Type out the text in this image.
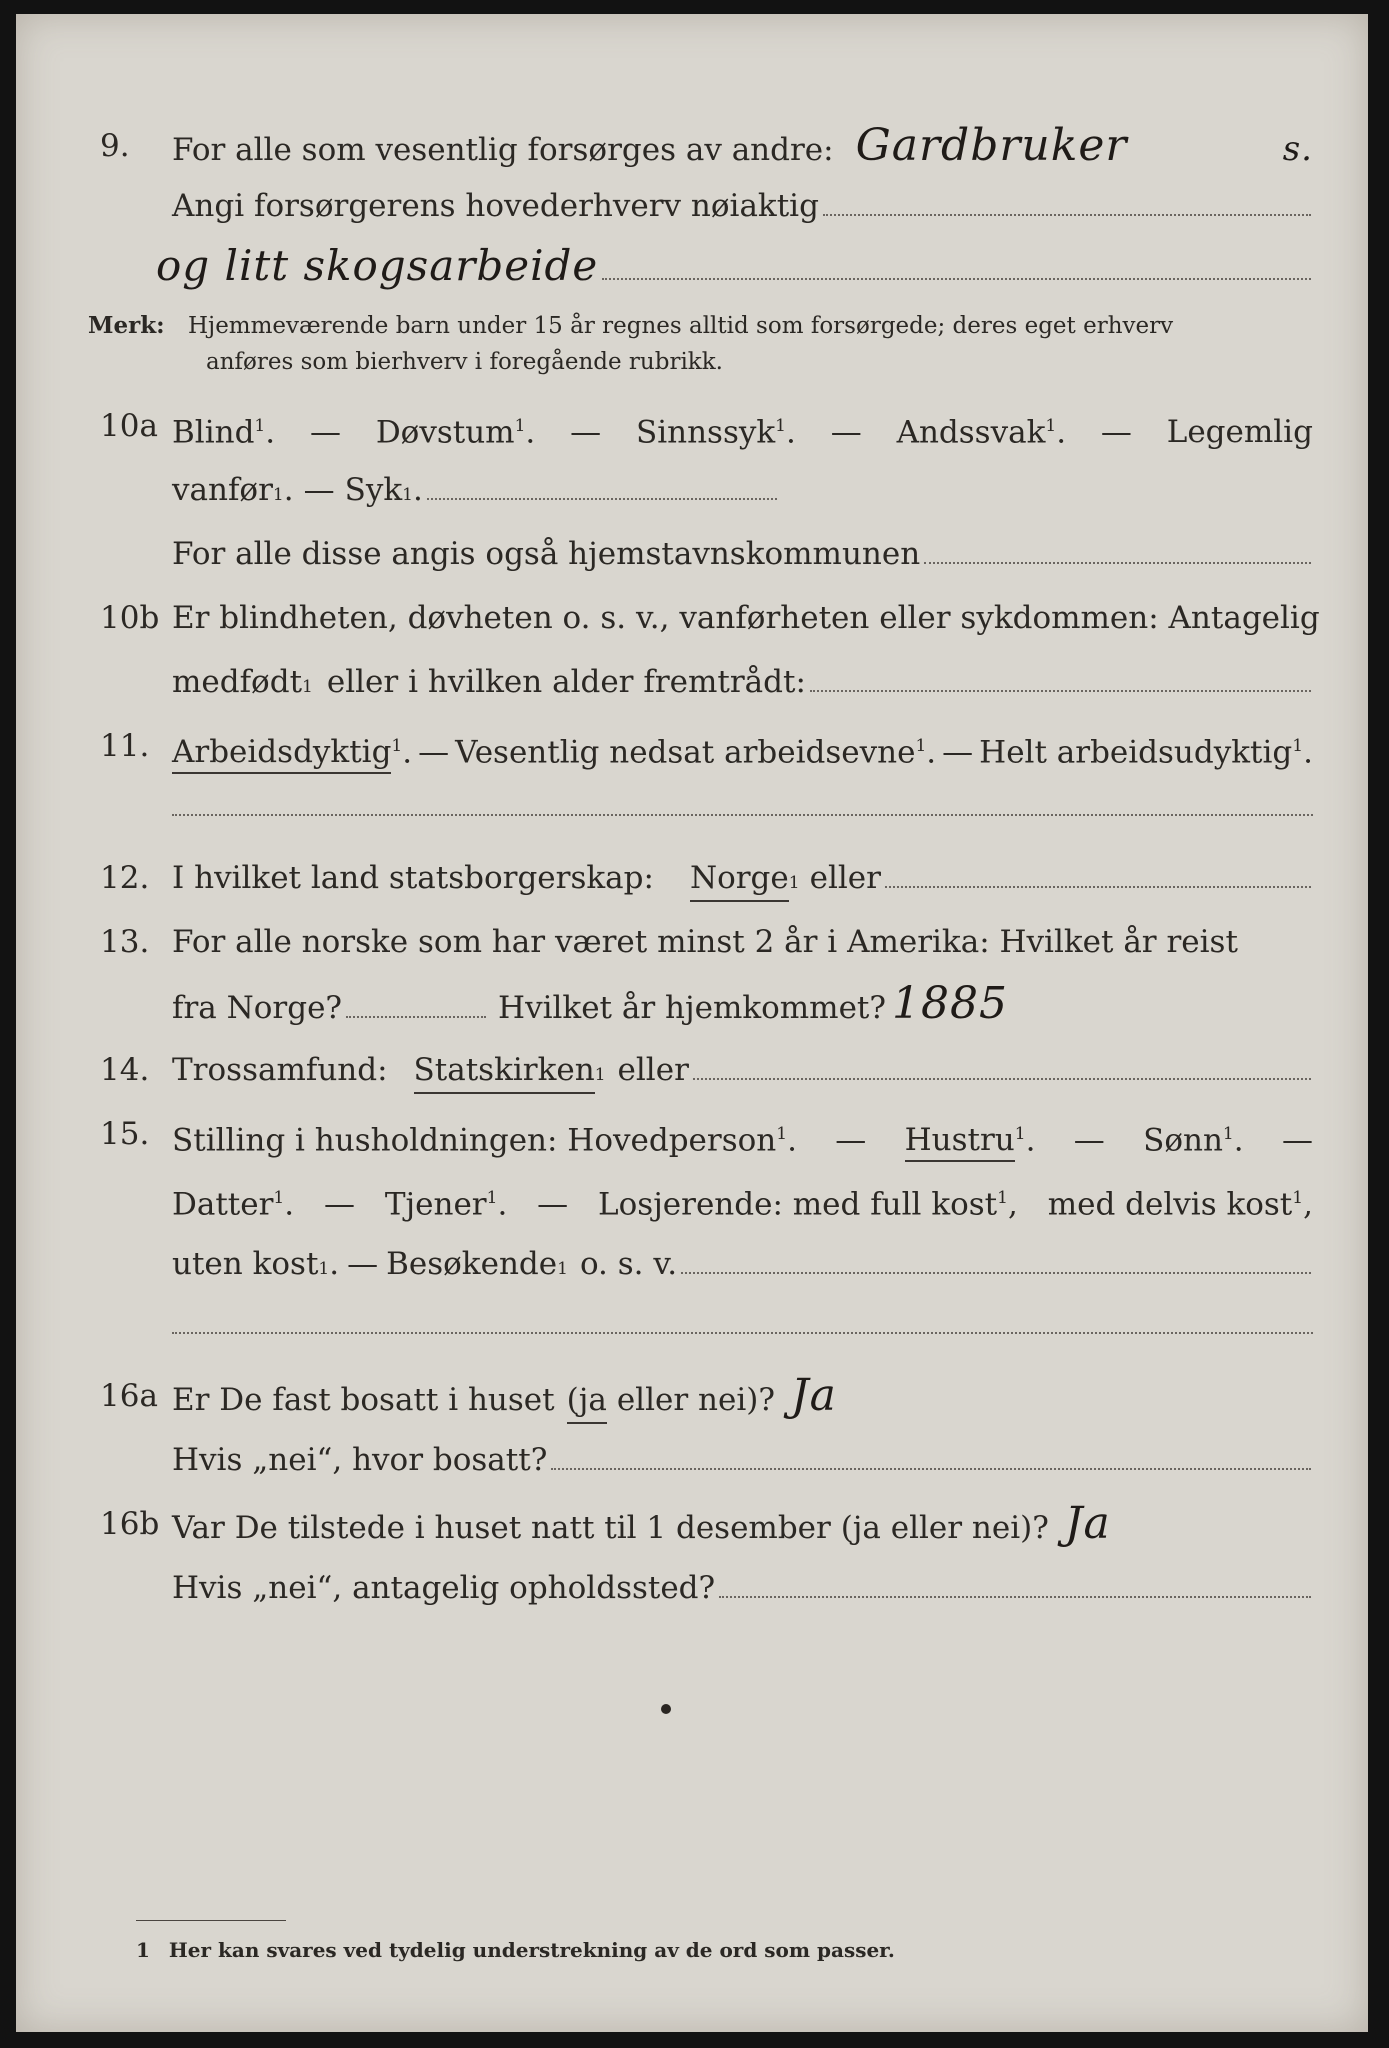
9. For alle som vesentlig forsørges av andre: Gardbruker	s.
Angi forsørgerens hovederhverv nøiaktig
og litt skogsarbeide
Merk: Hjemmeværende barn under 15 år regnes alltid som forsørgede; deres eget erhverv
anføres som bierhverv i foregående rubrikk.
10a Blind$^1$. — Døvstum$^1$. — Sinnssyk$^1$. — Andssvak$^1$. — Legemlig
vanfør 1 . — Syk 1 .
For alle disse angis også hjemstavnskommunen
10b Er blindheten, døvheten o. s. v., vanførheten eller sykdommen: Antagelig
medfødt 1 eller i hvilken alder fremtrådt:
11. Arbeidsdyktig$^1$. — Vesentlig nedsat arbeidsevne$^1$. — Helt arbeidsudyktig$^1$.
12. I hvilket land statsborgerskap: Norge 1 eller
13. For alle norske som har været minst 2 år i Amerika: Hvilket år reist
fra Norge?	Hvilket år hjemkommet? 1885
14. Trossamfund: Statskirken 1 eller
15. Stilling i husholdningen: Hovedperson$^1$. — Hustru$^1$. — Sønn$^1$. —
Datter$^1$. — Tjener$^1$. — Losjerende: med full kost$^1$, med delvis kost$^1$,
uten kost 1 . — Besøkende 1 o. s. v.
16a Er De fast bosatt i huset (ja eller nei)? Ja
Hvis „nei“, hvor bosatt?
16b Var De tilstede i huset natt til 1 desember (ja eller nei)? Ja
Hvis „nei“, antagelig opholdssted?
1 Her kan svares ved tydelig understrekning av de ord som passer.
